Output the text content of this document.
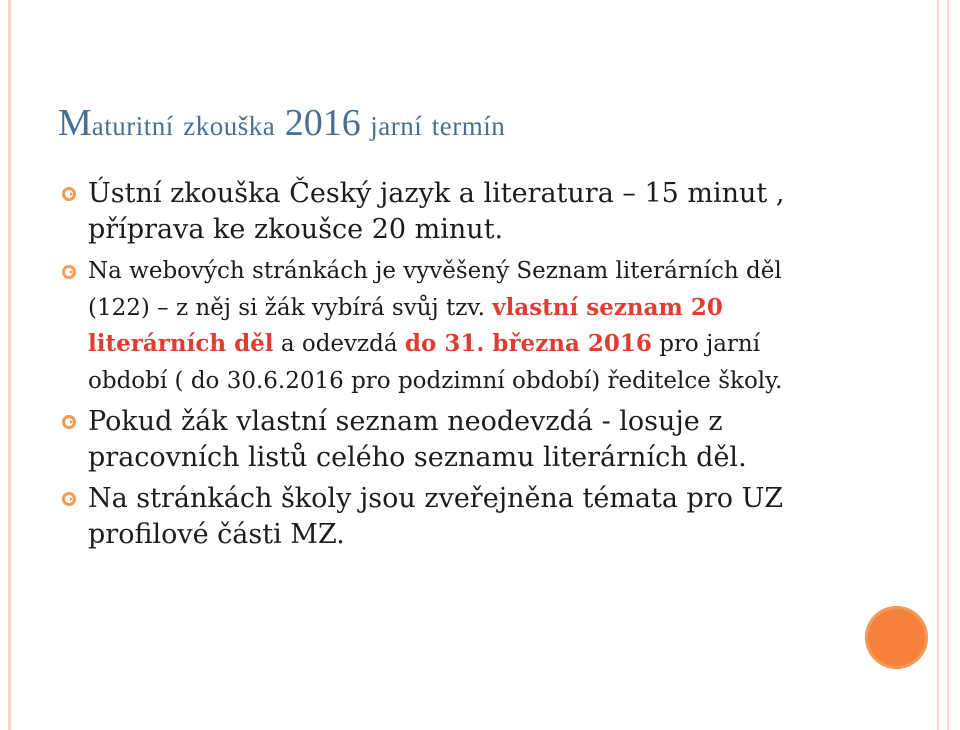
Maturitní zkouška 2016 jarní termín

Ústní zkouška Český jazyk a literatura – 15 minut , příprava ke zkoušce 20 minut.

Na webových stránkách je vyvěšený Seznam literárních děl (122) – z něj si žák vybírá svůj tzv. vlastní seznam 20 literárních děl a odevzdá do 31. března 2016 pro jarní období ( do 30.6.2016 pro podzimní období) ředitelce školy.

Pokud žák vlastní seznam neodevzdá - losuje z pracovních listů celého seznamu literárních děl.

Na stránkách školy jsou zveřejněna témata pro UZ profilové části MZ.
